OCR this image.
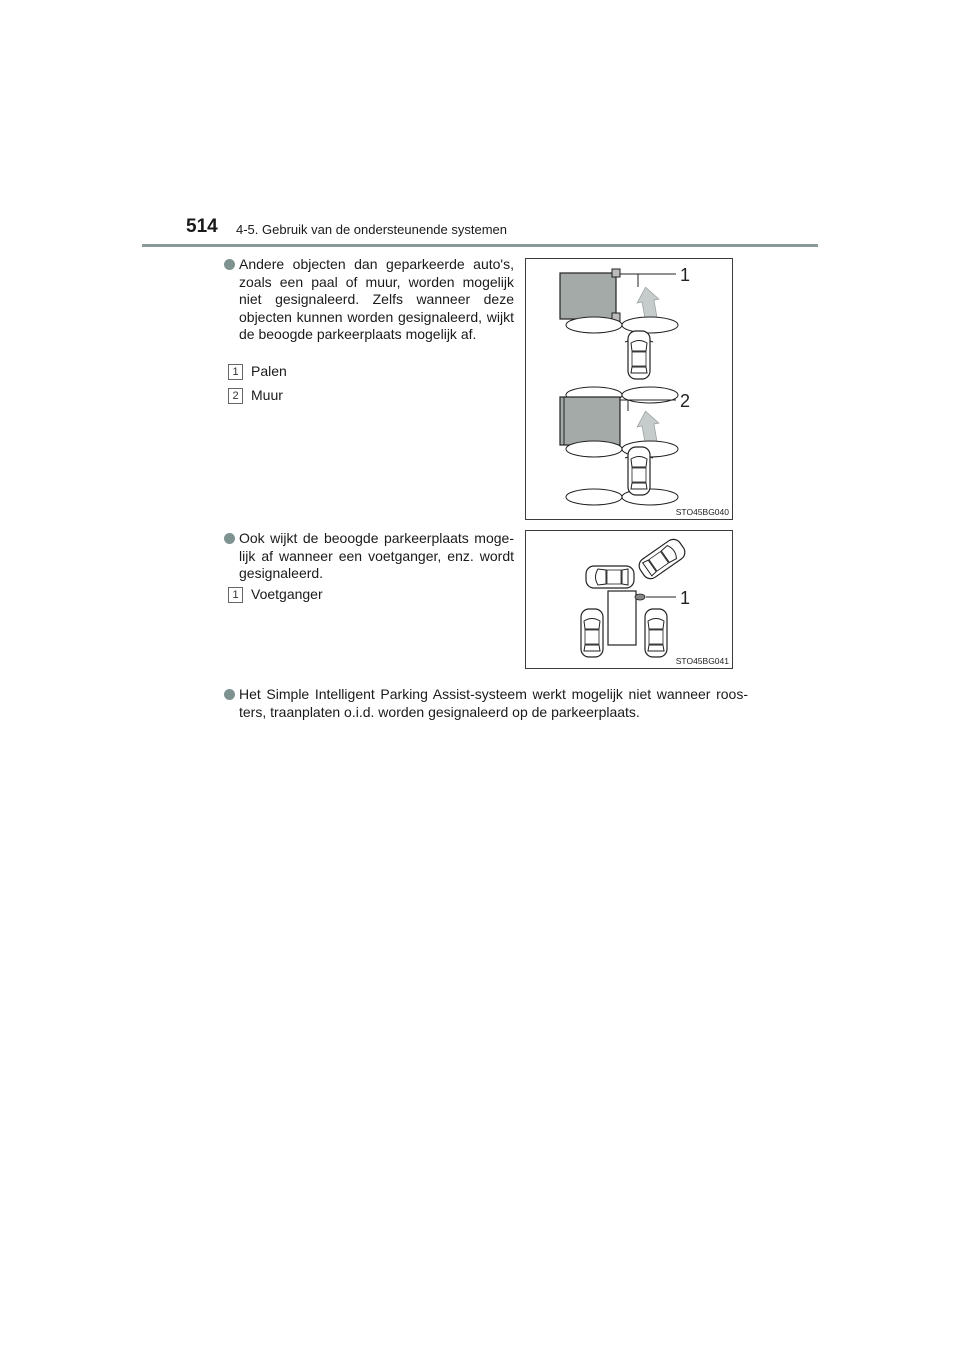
514 4-5. Gebruik van de ondersteunende systemen
Andere objecten dan geparkeerde auto's, zoals een paal of muur, worden mogelijk niet gesignaleerd. Zelfs wanneer deze objecten kunnen worden gesignaleerd, wijkt de beoogde parkeerplaats mogelijk af.
1 Palen
2 Muur
1
2
STO45BG040
Ook wijkt de beoogde parkeerplaats moge-lijk af wanneer een voetganger, enz. wordt gesignaleerd.
1 Voetganger	1
STO45BG041
Het Simple Intelligent Parking Assist-systeem werkt mogelijk niet wanneer roos-ters, traanplaten o.i.d. worden gesignaleerd op de parkeerplaats.
